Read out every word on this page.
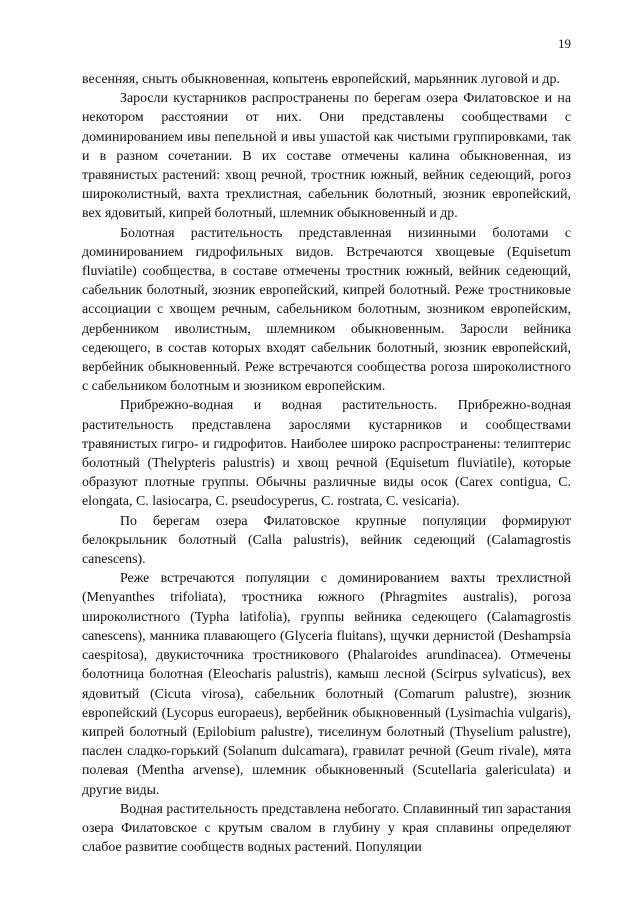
19

весенняя, сныть обыкновенная, копытень европейский, марьянник луговой и др.

Заросли кустарников распространены по берегам озера Филатовское и на некотором расстоянии от них. Они представлены сообществами с доминированием ивы пепельной и ивы ушастой как чистыми группировками, так и в разном сочетании. В их составе отмечены калина обыкновенная, из травянистых растений: хвощ речной, тростник южный, вейник седеющий, рогоз широколистный, вахта трехлистная, сабельник болотный, зюзник европейский, вех ядовитый, кипрей болотный, шлемник обыкновенный и др.

Болотная растительность представленная низинными болотами с доминированием гидрофильных видов. Встречаются хвощевые (Equisetum fluviatile) сообщества, в составе отмечены тростник южный, вейник седеющий, сабельник болотный, зюзник европейский, кипрей болотный. Реже тростниковые ассоциации с хвощем речным, сабельником болотным, зюзником европейским, дербенником иволистным, шлемником обыкновенным. Заросли вейника седеющего, в состав которых входят сабельник болотный, зюзник европейский, вербейник обыкновенный. Реже встречаются сообщества рогоза широколистного с сабельником болотным и зюзником европейским.

Прибрежно-водная и водная растительность. Прибрежно-водная растительность представлена зарослями кустарников и сообществами травянистых гигро- и гидрофитов. Наиболее широко распространены: телиптерис болотный (Thelypteris palustris) и хвощ речной (Equisetum fluviatile), которые образуют плотные группы. Обычны различные виды осок (Carex contigua, C. elongata, C. lasiocarpa, C. pseudocyperus, C. rostrata, C. vesicaria).

По берегам озера Филатовское крупные популяции формируют белокрыльник болотный (Calla palustris), вейник седеющий (Calamagrostis canescens).

Реже встречаются популяции с доминированием вахты трехлистной (Menyanthes trifoliata), тростника южного (Phragmites australis), рогоза широколистного (Typha latifolia), группы вейника седеющего (Calamagrostis canescens), манника плавающего (Glyceria fluitans), щучки дернистой (Deshampsia caespitosa), двукисточника тростникового (Phalaroides arundinacea). Отмечены болотница болотная (Eleocharis palustris), камыш лесной (Scirpus sylvaticus), вех ядовитый (Cicuta virosa), сабельник болотный (Comarum palustre), зюзник европейский (Lycopus europaeus), вербейник обыкновенный (Lysimachia vulgaris), кипрей болотный (Epilobium palustre), тиселинум болотный (Thyselium palustre), паслен сладко-горький (Solanum dulcamara), гравилат речной (Geum rivale), мята полевая (Mentha arvense), шлемник обыкновенный (Scutellaria galericulata) и другие виды.

Водная растительность представлена небогато. Сплавинный тип зарастания озера Филатовское с крутым свалом в глубину у края сплавины определяют слабое развитие сообществ водных растений. Популяции
